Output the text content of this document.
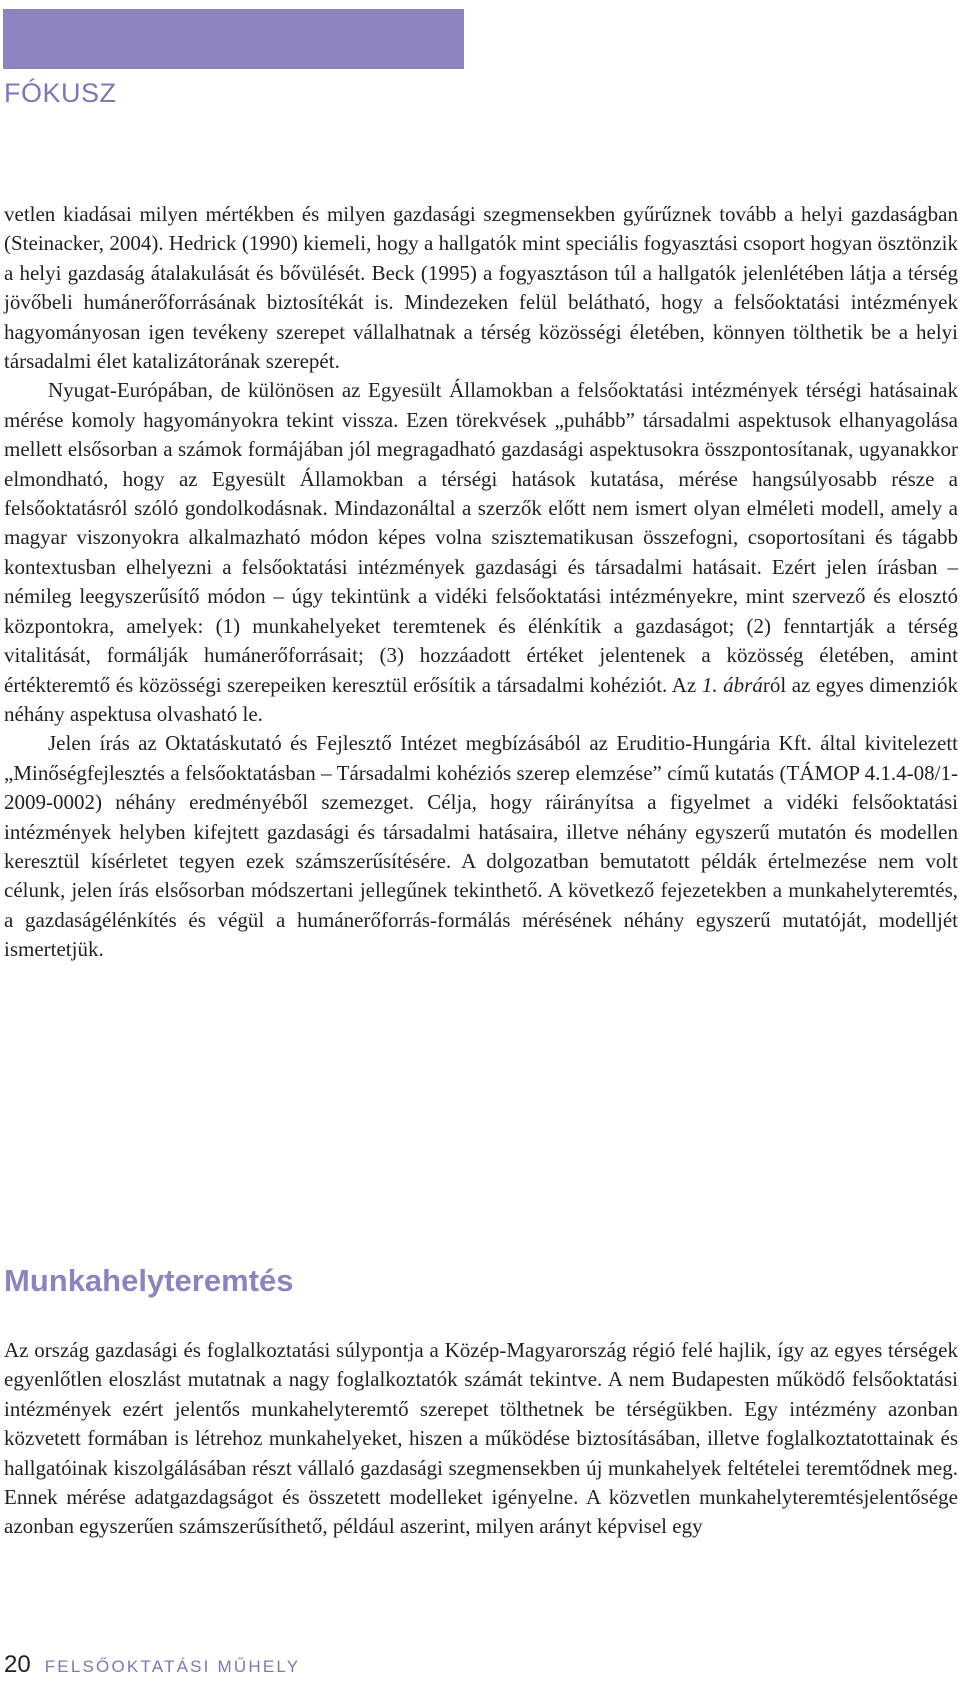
FÓKUSZ

vetlen kiadásai milyen mértékben és milyen gazdasági szegmensekben gyűrűznek tovább a helyi gazdaságban (Steinacker, 2004). Hedrick (1990) kiemeli, hogy a hallgatók mint speciális fogyasztási csoport hogyan ösztönzik a helyi gazdaság átalakulását és bővülését. Beck (1995) a fogyasztáson túl a hallgatók jelenlétében látja a térség jövőbeli humánerőforrásának biztosítékát is. Mindezeken felül belátható, hogy a felsőoktatási intézmények hagyományosan igen tevékeny szerepet vállalhatnak a térség közösségi életében, könnyen tölthetik be a helyi társadalmi élet katalizátorának szerepét.

Nyugat-Európában, de különösen az Egyesült Államokban a felsőoktatási intézmények térségi hatásainak mérése komoly hagyományokra tekint vissza. Ezen törekvések „puhább” társadalmi aspektusok elhanyagolása mellett elsősorban a számok formájában jól megragadható gazdasági aspektusokra összpontosítanak, ugyanakkor elmondható, hogy az Egyesült Államokban a térségi hatások kutatása, mérése hangsúlyosabb része a felsőoktatásról szóló gondolkodásnak. Mindazonáltal a szerzők előtt nem ismert olyan elméleti modell, amely a magyar viszonyokra alkalmazható módon képes volna szisztematikusan összefogni, csoportosítani és tágabb kontextusban elhelyezni a felsőoktatási intézmények gazdasági és társadalmi hatásait. Ezért jelen írásban – némileg leegyszerűsítő módon – úgy tekintünk a vidéki felsőoktatási intézményekre, mint szervező és elosztó központokra, amelyek: (1) munkahelyeket teremtenek és élénkítik a gazdaságot; (2) fenntartják a térség vitalitását, formálják humánerőforrásait; (3) hozzáadott értéket jelentenek a közösség életében, amint értékteremtő és közösségi szerepeiken keresztül erősítik a társadalmi kohéziót. Az 1. ábráról az egyes dimenziók néhány aspektusa olvasható le.

Jelen írás az Oktatáskutató és Fejlesztő Intézet megbízásából az Eruditio-Hungária Kft. által kivitelezett „Minőségfejlesztés a felsőoktatásban – Társadalmi kohéziós szerep elemzése” című kutatás (TÁMOP 4.1.4-08/1-2009-0002) néhány eredményéből szemezget. Célja, hogy ráirányítsa a figyelmet a vidéki felsőoktatási intézmények helyben kifejtett gazdasági és társadalmi hatásaira, illetve néhány egyszerű mutatón és modellen keresztül kísérletet tegyen ezek számszerűsítésére. A dolgozatban bemutatott példák értelmezése nem volt célunk, jelen írás elsősorban módszertani jellegűnek tekinthető. A következő fejezetekben a munkahelyteremtés, a gazdaságélénkítés és végül a humánerőforrás-formálás mérésének néhány egyszerű mutatóját, modelljét ismertetjük.

Munkahelyteremtés

Az ország gazdasági és foglalkoztatási súlypontja a Közép-Magyarország régió felé hajlik, így az egyes térségek egyenlőtlen eloszlást mutatnak a nagy foglalkoztatók számát tekintve. A nem Budapesten működő felsőoktatási intézmények ezért jelentős munkahelyteremtő szerepet tölthetnek be térségükben. Egy intézmény azonban közvetett formában is létrehoz munkahelyeket, hiszen a működése biztosításában, illetve foglalkoztatottainak és hallgatóinak kiszolgálásában részt vállaló gazdasági szegmensekben új munkahelyek feltételei teremtődnek meg. Ennek mérése adatgazdagságot és összetett modelleket igényelne. A közvetlen munkahelyteremtésjelentősége azonban egyszerűen számszerűsíthető, például aszerint, milyen arányt képvisel egy

20 FELSŐOKTATÁSI MŰHELY
